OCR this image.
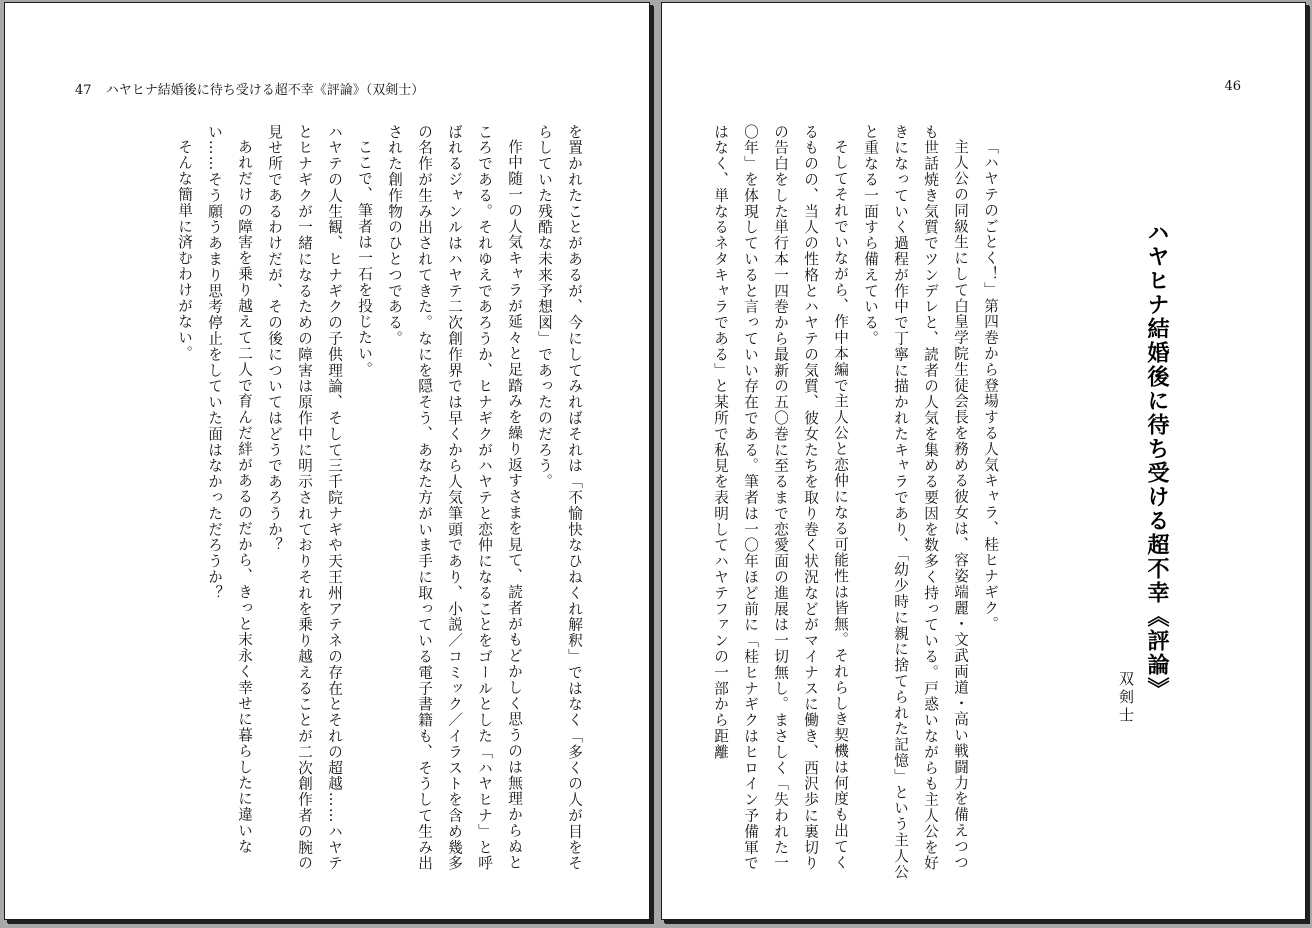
47 ハヤヒナ結婚後に待ち受ける超不幸《評論》（双剣士）

を置かれたことがあるが、今にしてみればそれは「不愉快なひねくれ解釈」ではなく「多くの人が目をそらしていた残酷な未来予想図」であったのだろう。

作中随一の人気キャラが延々と足踏みを繰り返すさまを見て、読者がもどかしく思うのは無理からぬところである。それゆえであろうか、ヒナギクがハヤテと恋仲になることをゴールとした「ハヤヒナ」と呼ばれるジャンルはハヤテ二次創作界では早くから人気筆頭であり、小説／コミック／イラストを含め幾多の名作が生み出されてきた。なにを隠そう、あなた方がいま手に取っている電子書籍も、そうして生み出された創作物のひとつである。

ここで、筆者は一石を投じたい。

ハヤテの人生観、ヒナギクの子供理論、そして三千院ナギや天王州アテネの存在とそれの超越……ハヤテとヒナギクが一緒になるための障害は原作中に明示されておりそれを乗り越えることが二次創作者の腕の見せ所であるわけだが、その後についてはどうであろうか？

あれだけの障害を乗り越えて二人で育んだ絆があるのだから、きっと末永く幸せに暮らしたに違いない……そう願うあまり思考停止をしていた面はなかっただろうか？

そんな簡単に済むわけがない。

46
ハヤヒナ結婚後に待ち受ける超不幸《評論》
双剣士

「ハヤテのごとく！」第四巻から登場する人気キャラ、桂ヒナギク。

主人公の同級生にして白皇学院生徒会長を務める彼女は、容姿端麗・文武両道・高い戦闘力を備えつつも世話焼き気質でツンデレと、読者の人気を集める要因を数多く持っている。戸惑いながらも主人公を好きになっていく過程が作中で丁寧に描かれたキャラであり、「幼少時に親に捨てられた記憶」という主人公と重なる一面すら備えている。

そしてそれでいながら、作中本編で主人公と恋仲になる可能性は皆無。それらしき契機は何度も出てくるものの、当人の性格とハヤテの気質、彼女たちを取り巻く状況などがマイナスに働き、西沢歩に裏切りの告白をした単行本一四巻から最新の五〇巻に至るまで恋愛面の進展は一切無し。まさしく「失われた一〇年」を体現していると言っていい存在である。筆者は一〇年ほど前に「桂ヒナギクはヒロイン予備軍ではなく、単なるネタキャラである」と某所で私見を表明してハヤテファンの一部から距離
